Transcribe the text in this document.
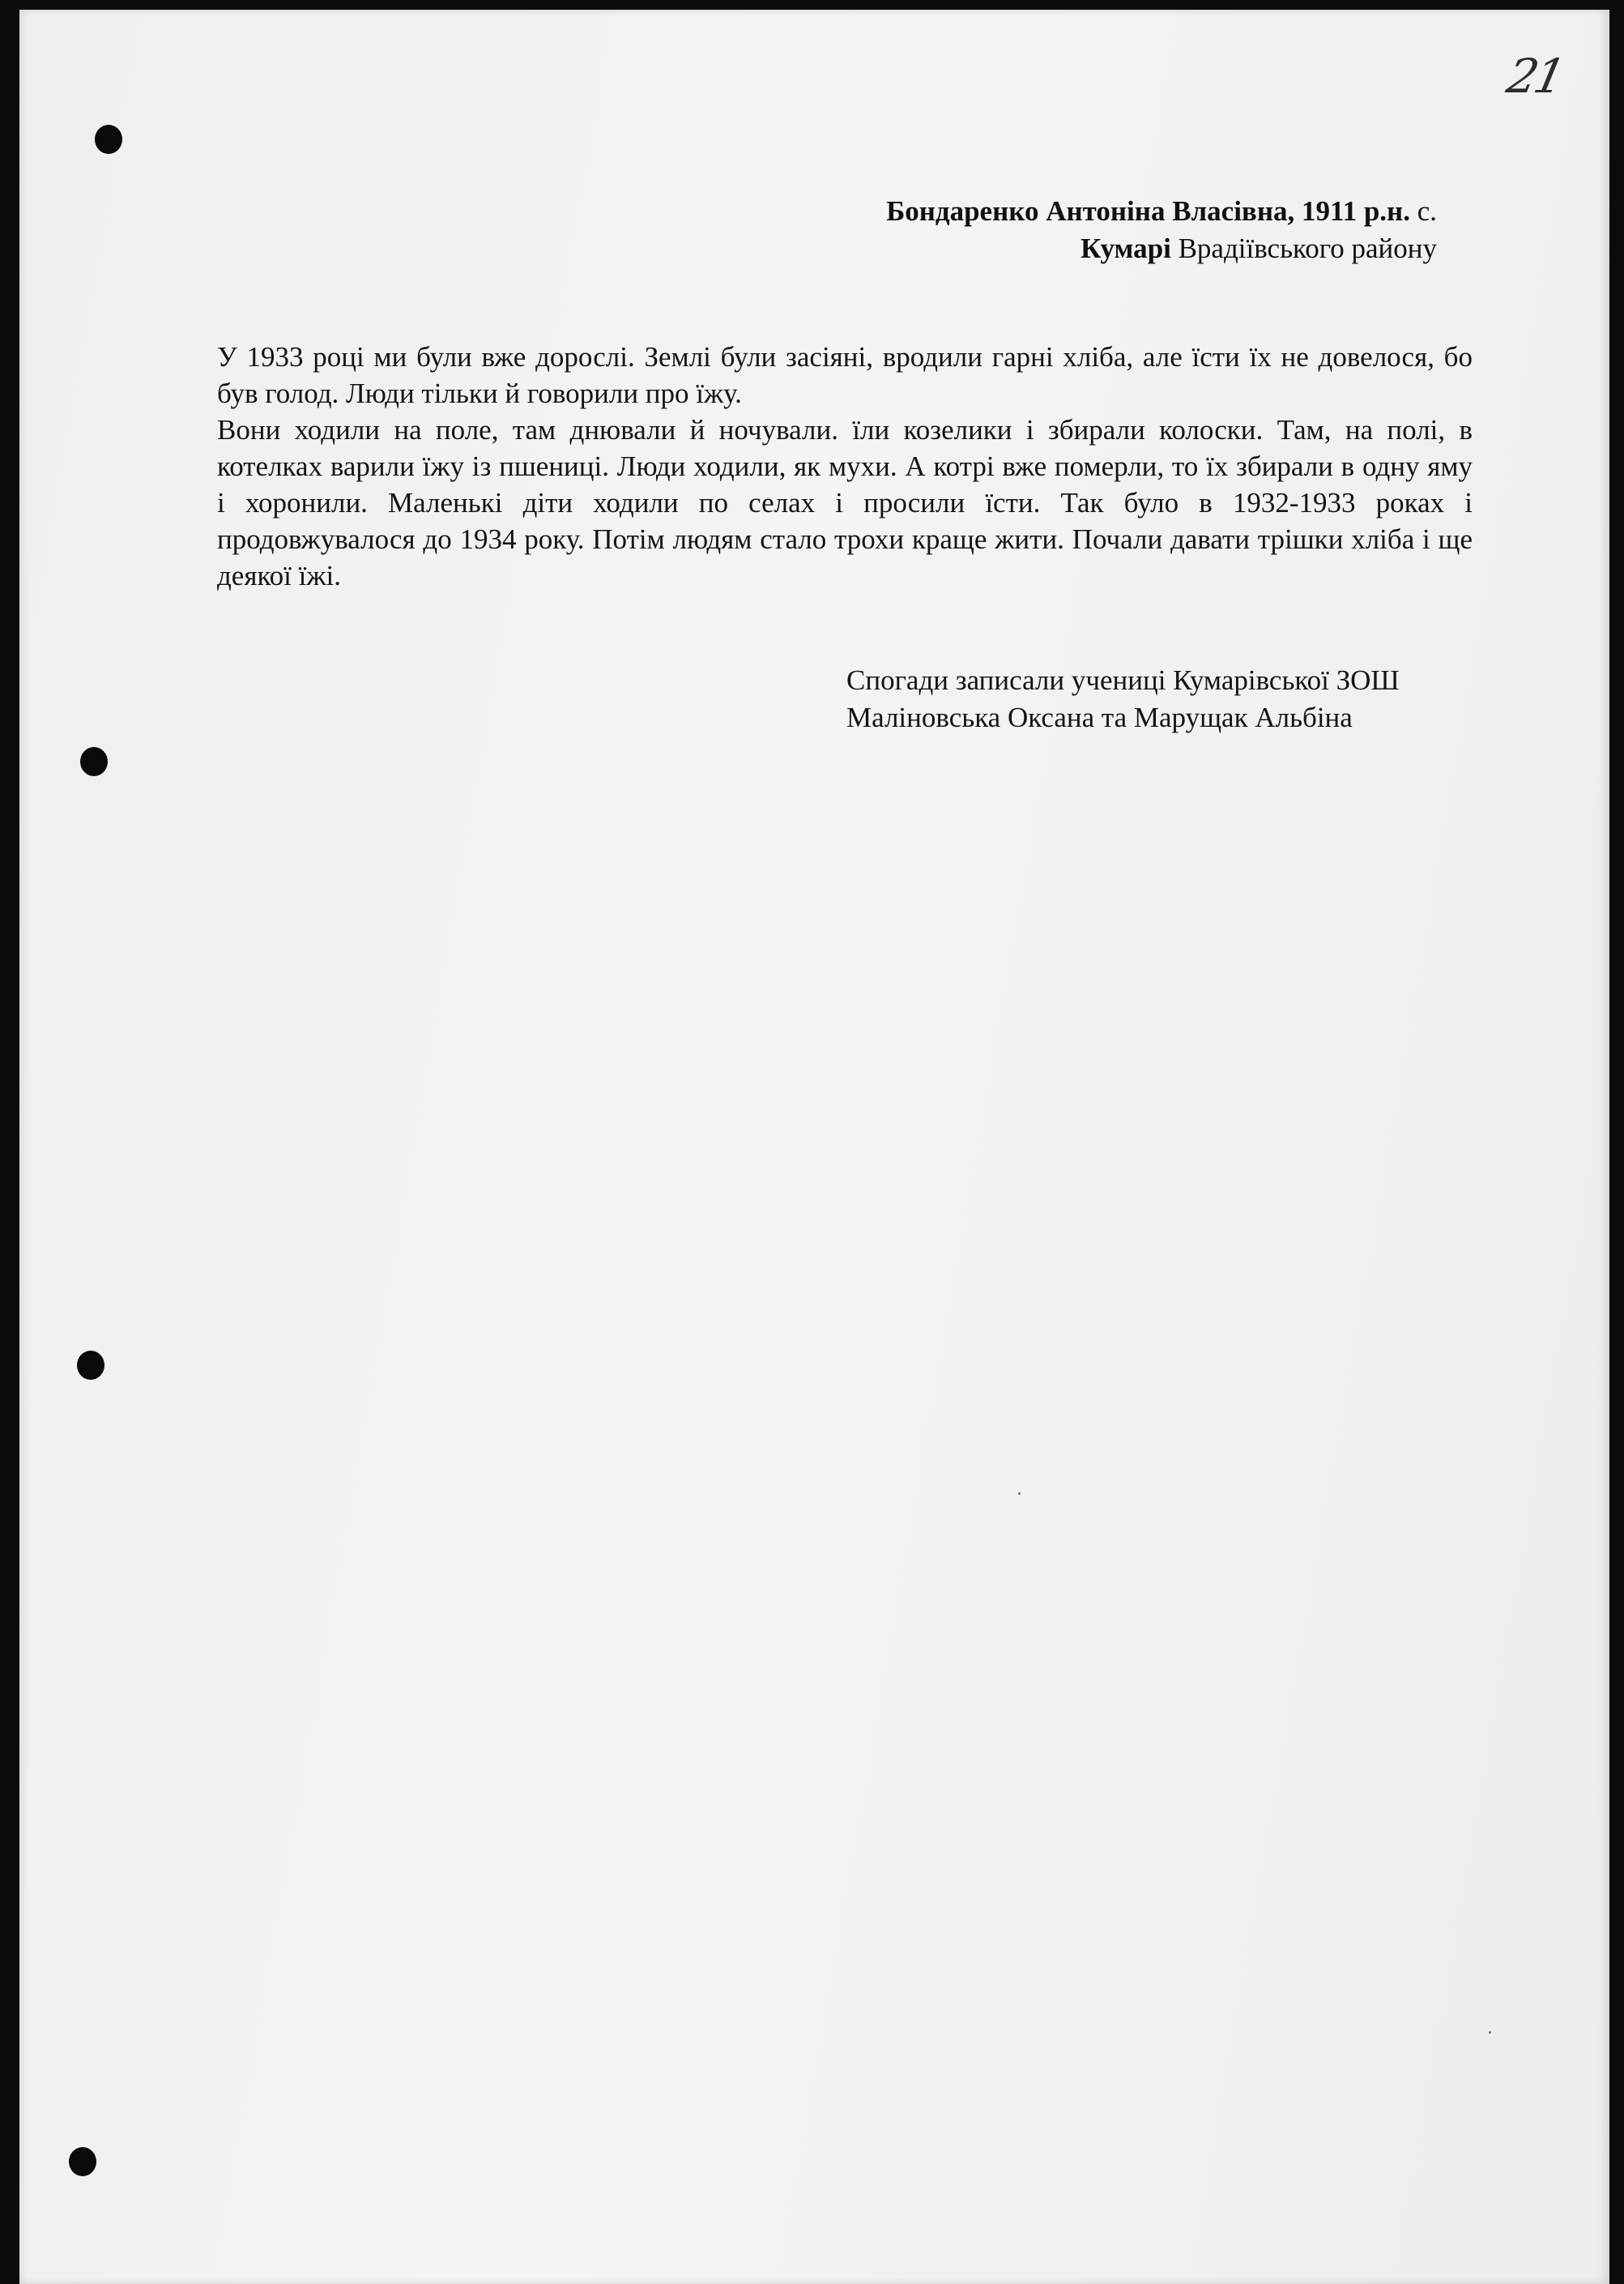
21
Бондаренко Антоніна Власівна, 1911 р.н. с.
Кумарі Врадіївського району

У 1933 році ми були вже дорослі. Землі були засіяні, вродили гарні хліба, але їсти їх не довелося, бо був голод. Люди тільки й говорили про їжу.

Вони ходили на поле, там днювали й ночували. їли козелики і збирали колоски. Там, на полі, в котелках варили їжу із пшениці. Люди ходили, як мухи. А котрі вже померли, то їх збирали в одну яму і хоронили. Маленькі діти ходили по селах і просили їсти. Так було в 1932-1933 роках і продовжувалося до 1934 року. Потім людям стало трохи краще жити. Почали давати трішки хліба і ще деякої їжі.

Спогади записали учениці Кумарівської ЗОШ
Маліновська Оксана та Марущак Альбіна
